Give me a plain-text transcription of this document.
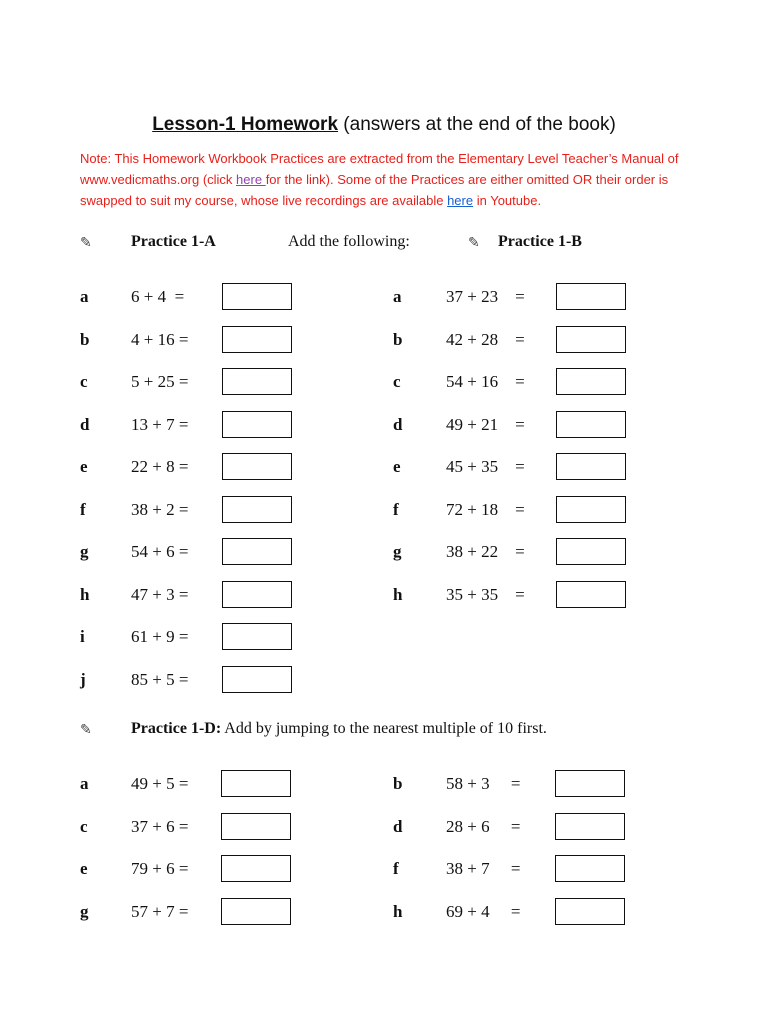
Lesson-1 Homework (answers at the end of the book)
Note: This Homework Workbook Practices are extracted from the Elementary Level Teacher’s Manual of www.vedicmaths.org (click here for the link). Some of the Practices are either omitted OR their order is swapped to suit my course, whose live recordings are available here in Youtube.
✎ Practice 1-A	Add the following:	✎ Practice 1-B
a	6 + 4  =
b	4 + 16 =
c	5 + 25 =
d	13 + 7 =
e	22 + 8 =
f	38 + 2 =
g	54 + 6 =
h	47 + 3 =
i	61 + 9 =
j	85 + 5 =
a	37 + 23    =
b	42 + 28    =
c	54 + 16    =
d	49 + 21    =
e	45 + 35    =
f	72 + 18    =
g	38 + 22    =
h	35 + 35    =
✎ Practice 1-D: Add by jumping to the nearest multiple of 10 first.
a	49 + 5 =
c	37 + 6 =
e	79 + 6 =
g	57 + 7 =
b	58 + 3     =
d	28 + 6     =
f	38 + 7     =
h	69 + 4     =
